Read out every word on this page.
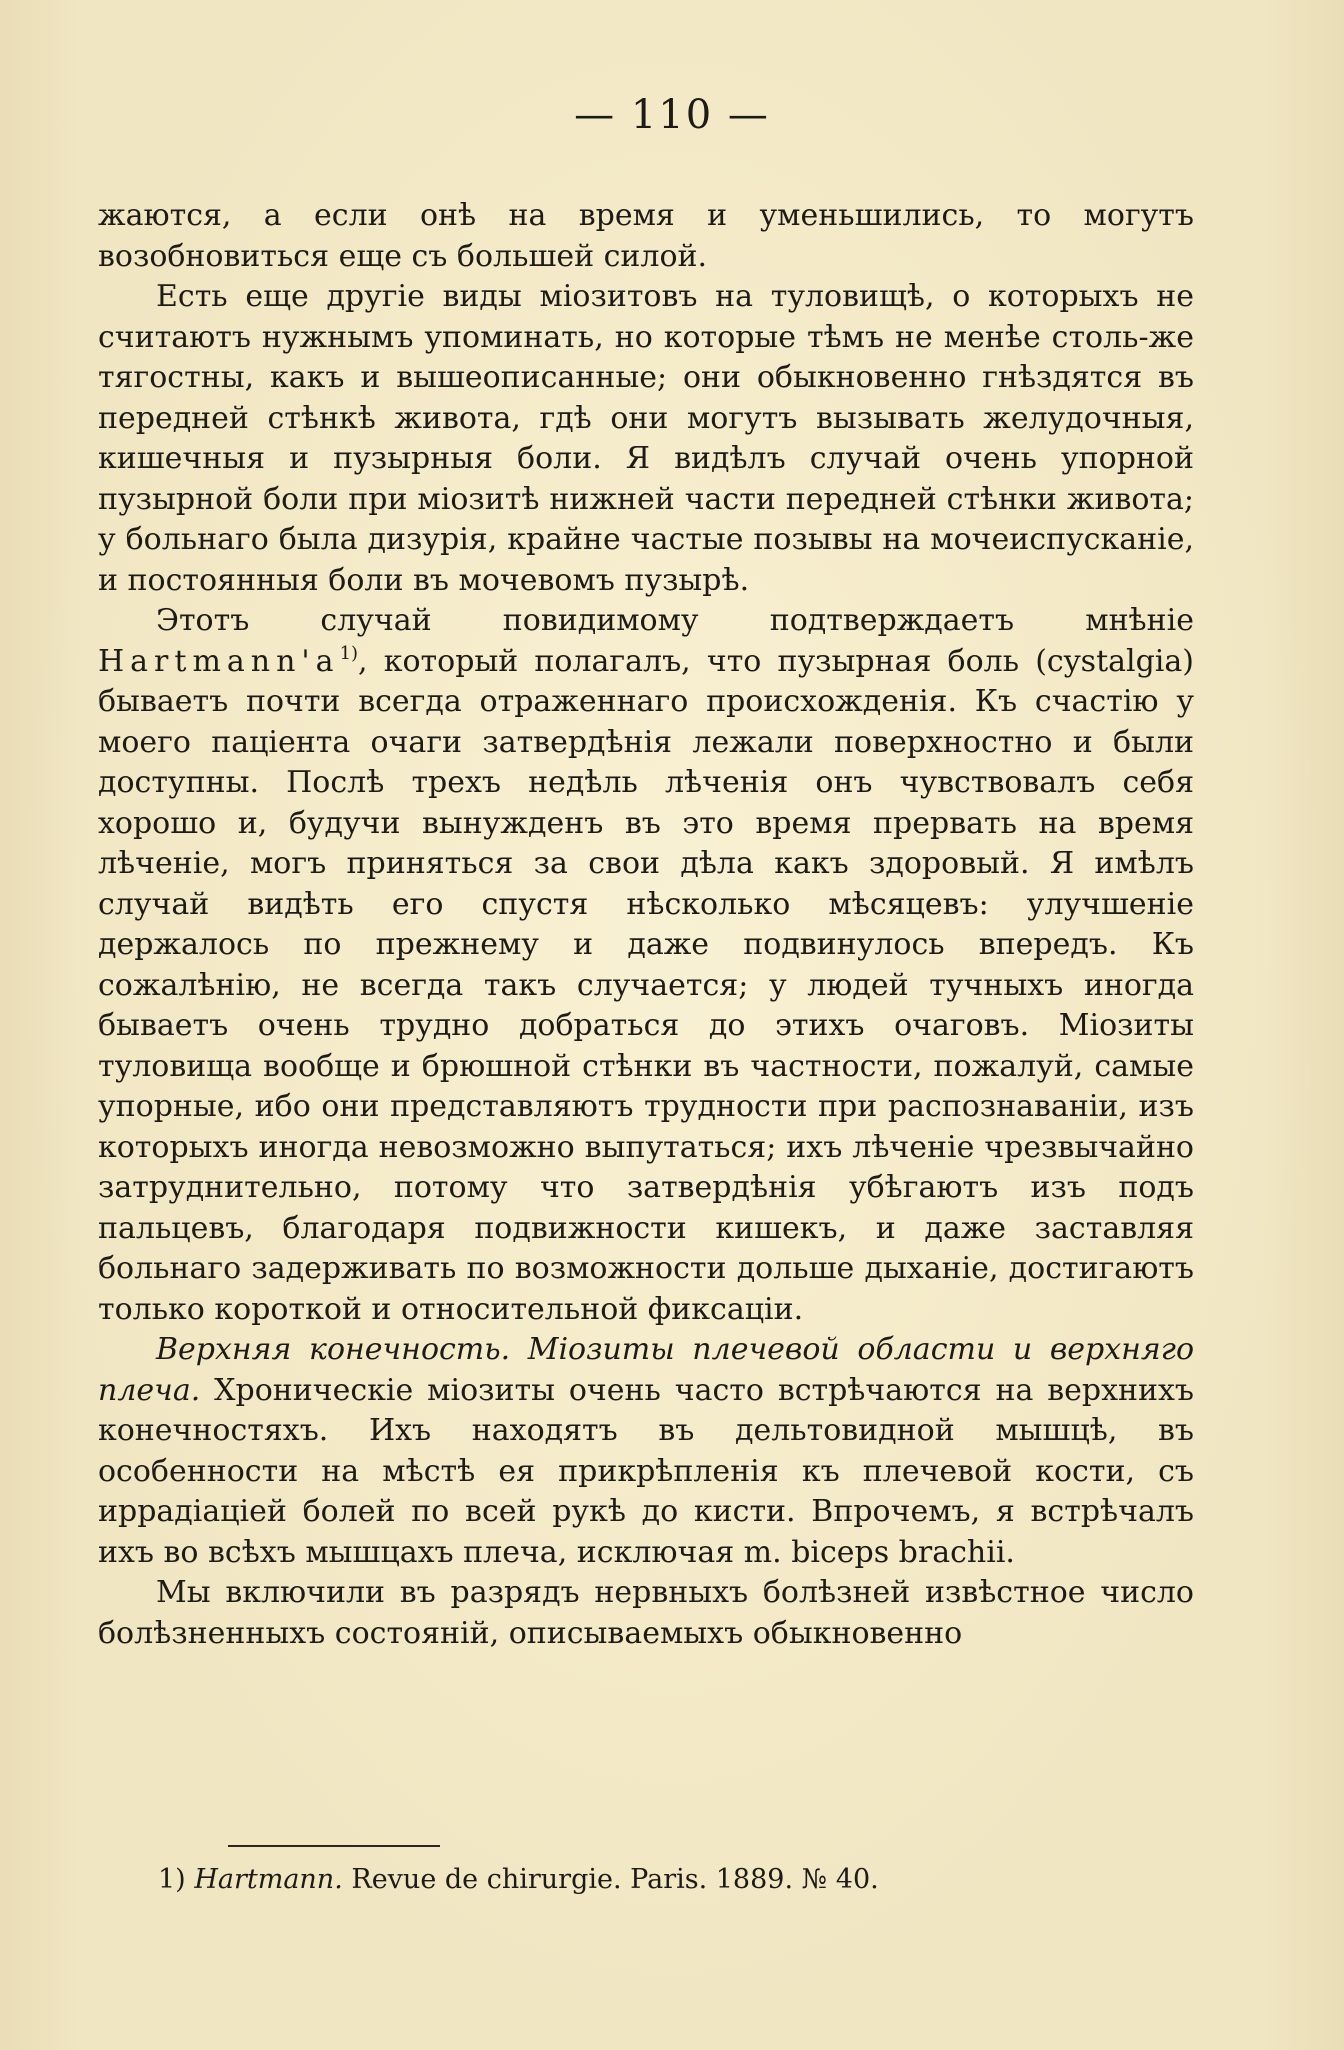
— 110 —

жаются, а если онѣ на время и уменьшились, то могутъ возобновиться еще съ большей силой.

Есть еще другіе виды міозитовъ на туловищѣ, о которыхъ не считаютъ нужнымъ упоминать, но которые тѣмъ не менѣе столь-же тягостны, какъ и вышеописанные; они обыкновенно гнѣздятся въ передней стѣнкѣ живота, гдѣ они могутъ вызывать желудочныя, кишечныя и пузырныя боли. Я видѣлъ случай очень упорной пузырной боли при міозитѣ нижней части передней стѣнки живота; у больнаго была дизурія, крайне частые позывы на мочеиспусканіе, и постоянныя боли въ мочевомъ пузырѣ.

Этотъ случай повидимому подтверждаетъ мнѣніе $Hartmann'a^{1)}$, который полагалъ, что пузырная боль (cystalgia) бываетъ почти всегда отраженнаго происхожденія. Къ счастію у моего паціента очаги затвердѣнія лежали поверхностно и были доступны. Послѣ трехъ недѣль лѣченія онъ чувствовалъ себя хорошо и, будучи вынужденъ въ это время прервать на время лѣченіе, могъ приняться за свои дѣла какъ здоровый. Я имѣлъ случай видѣть его спустя нѣсколько мѣсяцевъ: улучшеніе держалось по прежнему и даже подвинулось впередъ. Къ сожалѣнію, не всегда такъ случается; у людей тучныхъ иногда бываетъ очень трудно добраться до этихъ очаговъ. Міозиты туловища вообще и брюшной стѣнки въ частности, пожалуй, самые упорные, ибо они представляютъ трудности при распознаваніи, изъ которыхъ иногда невозможно выпутаться; ихъ лѣченіе чрезвычайно затруднительно, потому что затвердѣнія убѣгаютъ изъ подъ пальцевъ, благодаря подвижности кишекъ, и даже заставляя больнаго задерживать по возможности дольше дыханіе, достигаютъ только короткой и относительной фиксаціи.

Верхняя конечность. Міозиты плечевой области и верхняго плеча. Хроническіе міозиты очень часто встрѣчаются на верхнихъ конечностяхъ. Ихъ находятъ въ дельтовидной мышцѣ, въ особенности на мѣстѣ ея прикрѣпленія къ плечевой кости, съ иррадіаціей болей по всей рукѣ до кисти. Впрочемъ, я встрѣчалъ ихъ во всѣхъ мышцахъ плеча, исключая m. biceps brachii.

Мы включили въ разрядъ нервныхъ болѣзней извѣстное число болѣзненныхъ состояній, описываемыхъ обыкновенно

1) Hartmann. Revue de chirurgie. Paris. 1889. № 40.
